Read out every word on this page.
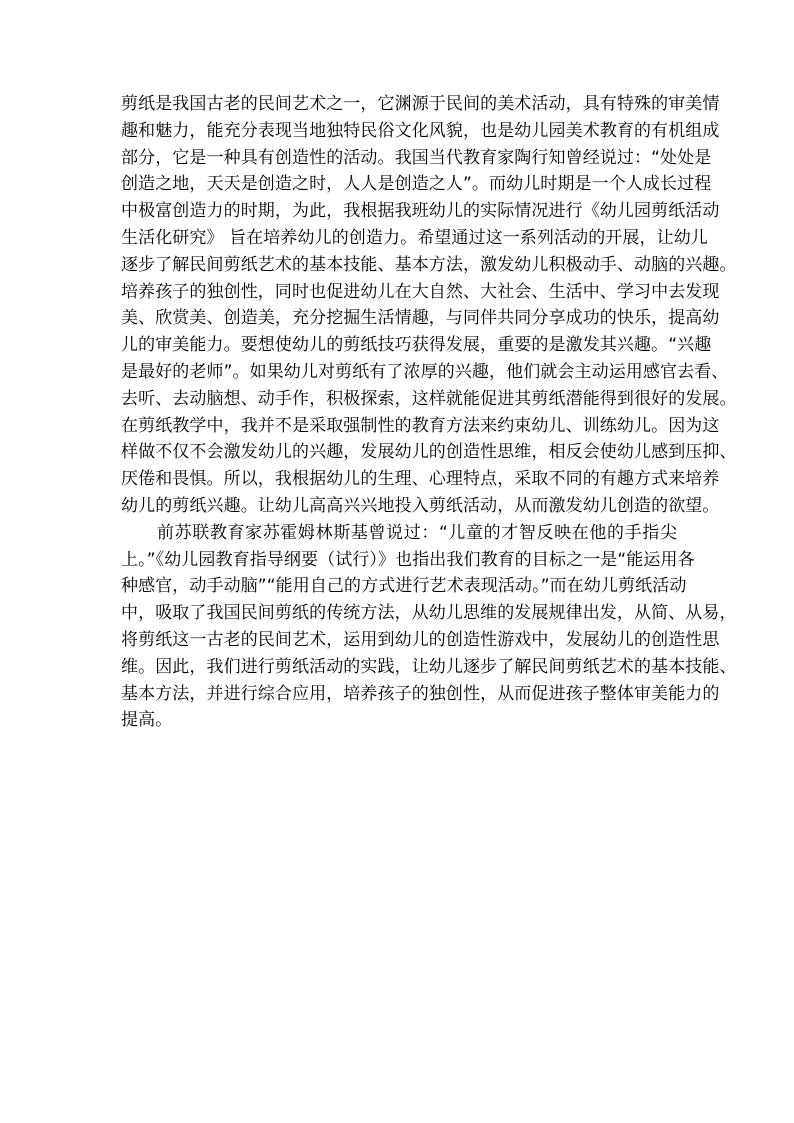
剪纸是我国古老的民间艺术之一，它渊源于民间的美术活动，具有特殊的审美情
趣和魅力，能充分表现当地独特民俗文化风貌，也是幼儿园美术教育的有机组成
部分，它是一种具有创造性的活动。我国当代教育家陶行知曾经说过：“处处是
创造之地，天天是创造之时，人人是创造之人”。而幼儿时期是一个人成长过程
中极富创造力的时期，为此，我根据我班幼儿的实际情况进行《幼儿园剪纸活动
生活化研究》 旨在培养幼儿的创造力。希望通过这一系列活动的开展，让幼儿
逐步了解民间剪纸艺术的基本技能、基本方法，激发幼儿积极动手、动脑的兴趣。
培养孩子的独创性，同时也促进幼儿在大自然、大社会、生活中、学习中去发现
美、欣赏美、创造美，充分挖掘生活情趣，与同伴共同分享成功的快乐，提高幼
儿的审美能力。要想使幼儿的剪纸技巧获得发展，重要的是激发其兴趣。“兴趣
是最好的老师”。如果幼儿对剪纸有了浓厚的兴趣，他们就会主动运用感官去看、
去听、去动脑想、动手作，积极探索，这样就能促进其剪纸潜能得到很好的发展。
在剪纸教学中，我并不是采取强制性的教育方法来约束幼儿、训练幼儿。因为这
样做不仅不会激发幼儿的兴趣，发展幼儿的创造性思维，相反会使幼儿感到压抑、
厌倦和畏惧。所以，我根据幼儿的生理、心理特点，采取不同的有趣方式来培养
幼儿的剪纸兴趣。让幼儿高高兴兴地投入剪纸活动，从而激发幼儿创造的欲望。
前苏联教育家苏霍姆林斯基曾说过：“儿童的才智反映在他的手指尖
上。”《幼儿园教育指导纲要（试行）》也指出我们教育的目标之一是“能运用各
种感官，动手动脑”“能用自己的方式进行艺术表现活动。”而在幼儿剪纸活动
中，吸取了我国民间剪纸的传统方法，从幼儿思维的发展规律出发，从简、从易，
将剪纸这一古老的民间艺术，运用到幼儿的创造性游戏中，发展幼儿的创造性思
维。因此，我们进行剪纸活动的实践，让幼儿逐步了解民间剪纸艺术的基本技能、
基本方法，并进行综合应用，培养孩子的独创性，从而促进孩子整体审美能力的
提高。
